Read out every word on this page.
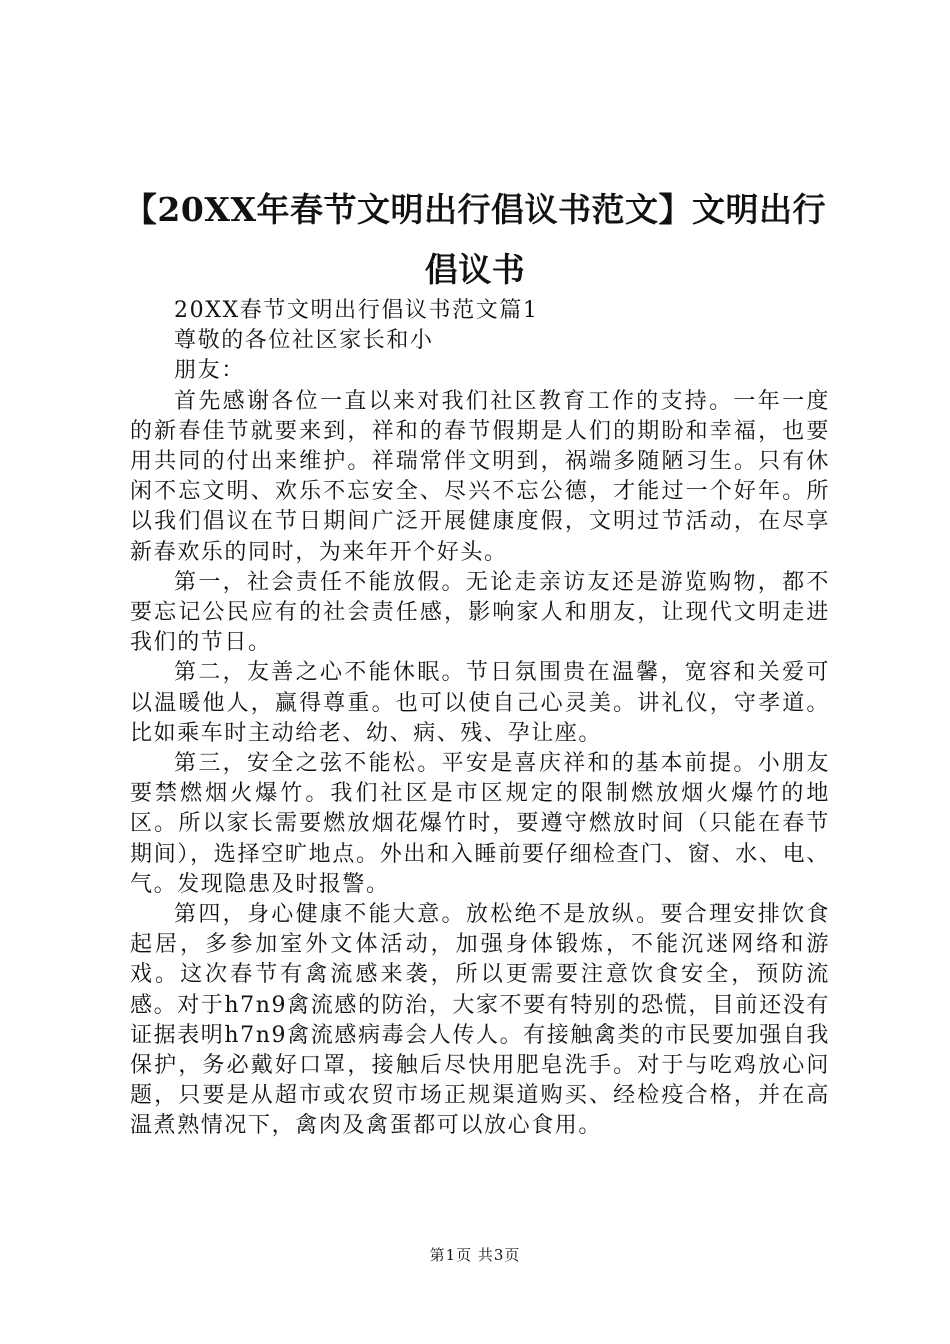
【20XX年春节文明出行倡议书范文】文明出行倡议书

20XX春节文明出行倡议书范文篇1

尊敬的各位社区家长和小

朋友：

首先感谢各位一直以来对我们社区教育工作的支持。一年一度的新春佳节就要来到，祥和的春节假期是人们的期盼和幸福，也要用共同的付出来维护。祥瑞常伴文明到，祸端多随陋习生。只有休闲不忘文明、欢乐不忘安全、尽兴不忘公德，才能过一个好年。所以我们倡议在节日期间广泛开展健康度假，文明过节活动，在尽享新春欢乐的同时，为来年开个好头。

第一，社会责任不能放假。无论走亲访友还是游览购物，都不要忘记公民应有的社会责任感，影响家人和朋友，让现代文明走进我们的节日。

第二，友善之心不能休眠。节日氛围贵在温馨，宽容和关爱可以温暖他人，赢得尊重。也可以使自己心灵美。讲礼仪，守孝道。比如乘车时主动给老、幼、病、残、孕让座。

第三，安全之弦不能松。平安是喜庆祥和的基本前提。小朋友要禁燃烟火爆竹。我们社区是市区规定的限制燃放烟火爆竹的地区。所以家长需要燃放烟花爆竹时，要遵守燃放时间（只能在春节期间），选择空旷地点。外出和入睡前要仔细检查门、窗、水、电、气。发现隐患及时报警。

第四，身心健康不能大意。放松绝不是放纵。要合理安排饮食起居，多参加室外文体活动，加强身体锻炼，不能沉迷网络和游戏。这次春节有禽流感来袭，所以更需要注意饮食安全，预防流感。对于h7n9禽流感的防治，大家不要有特别的恐慌，目前还没有证据表明h7n9禽流感病毒会人传人。有接触禽类的市民要加强自我保护，务必戴好口罩，接触后尽快用肥皂洗手。对于与吃鸡放心问题，只要是从超市或农贸市场正规渠道购买、经检疫合格，并在高温煮熟情况下，禽肉及禽蛋都可以放心食用。

第1页 共3页
